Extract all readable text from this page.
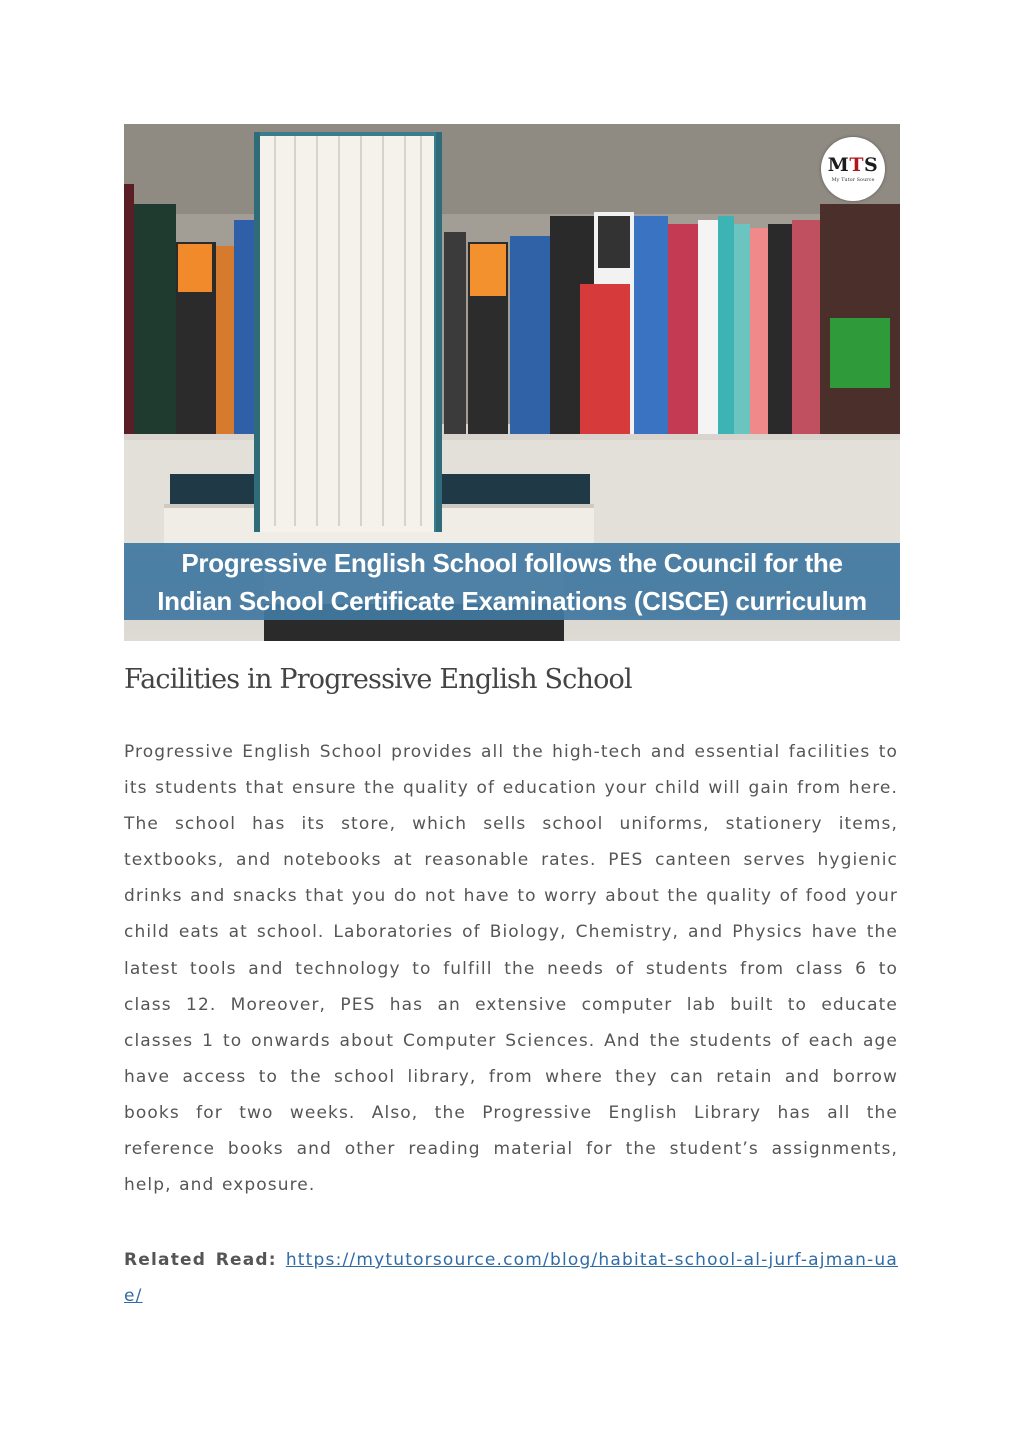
MTS
My Tutor Source
Progressive English School follows the Council for the
Indian School Certificate Examinations (CISCE) curriculum
Facilities in Progressive English School

Progressive English School provides all the high-tech and essential facilities to its students that ensure the quality of education your child will gain from here. The school has its store, which sells school uniforms, stationery items, textbooks, and notebooks at reasonable rates. PES canteen serves hygienic drinks and snacks that you do not have to worry about the quality of food your child eats at school. Laboratories of Biology, Chemistry, and Physics have the latest tools and technology to fulfill the needs of students from class 6 to class 12. Moreover, PES has an extensive computer lab built to educate classes 1 to onwards about Computer Sciences. And the students of each age have access to the school library, from where they can retain and borrow books for two weeks. Also, the Progressive English Library has all the reference books and other reading material for the student’s assignments, help, and exposure.

Related Read: https://mytutorsource.com/blog/habitat-school-al-jurf-ajman-uae/
